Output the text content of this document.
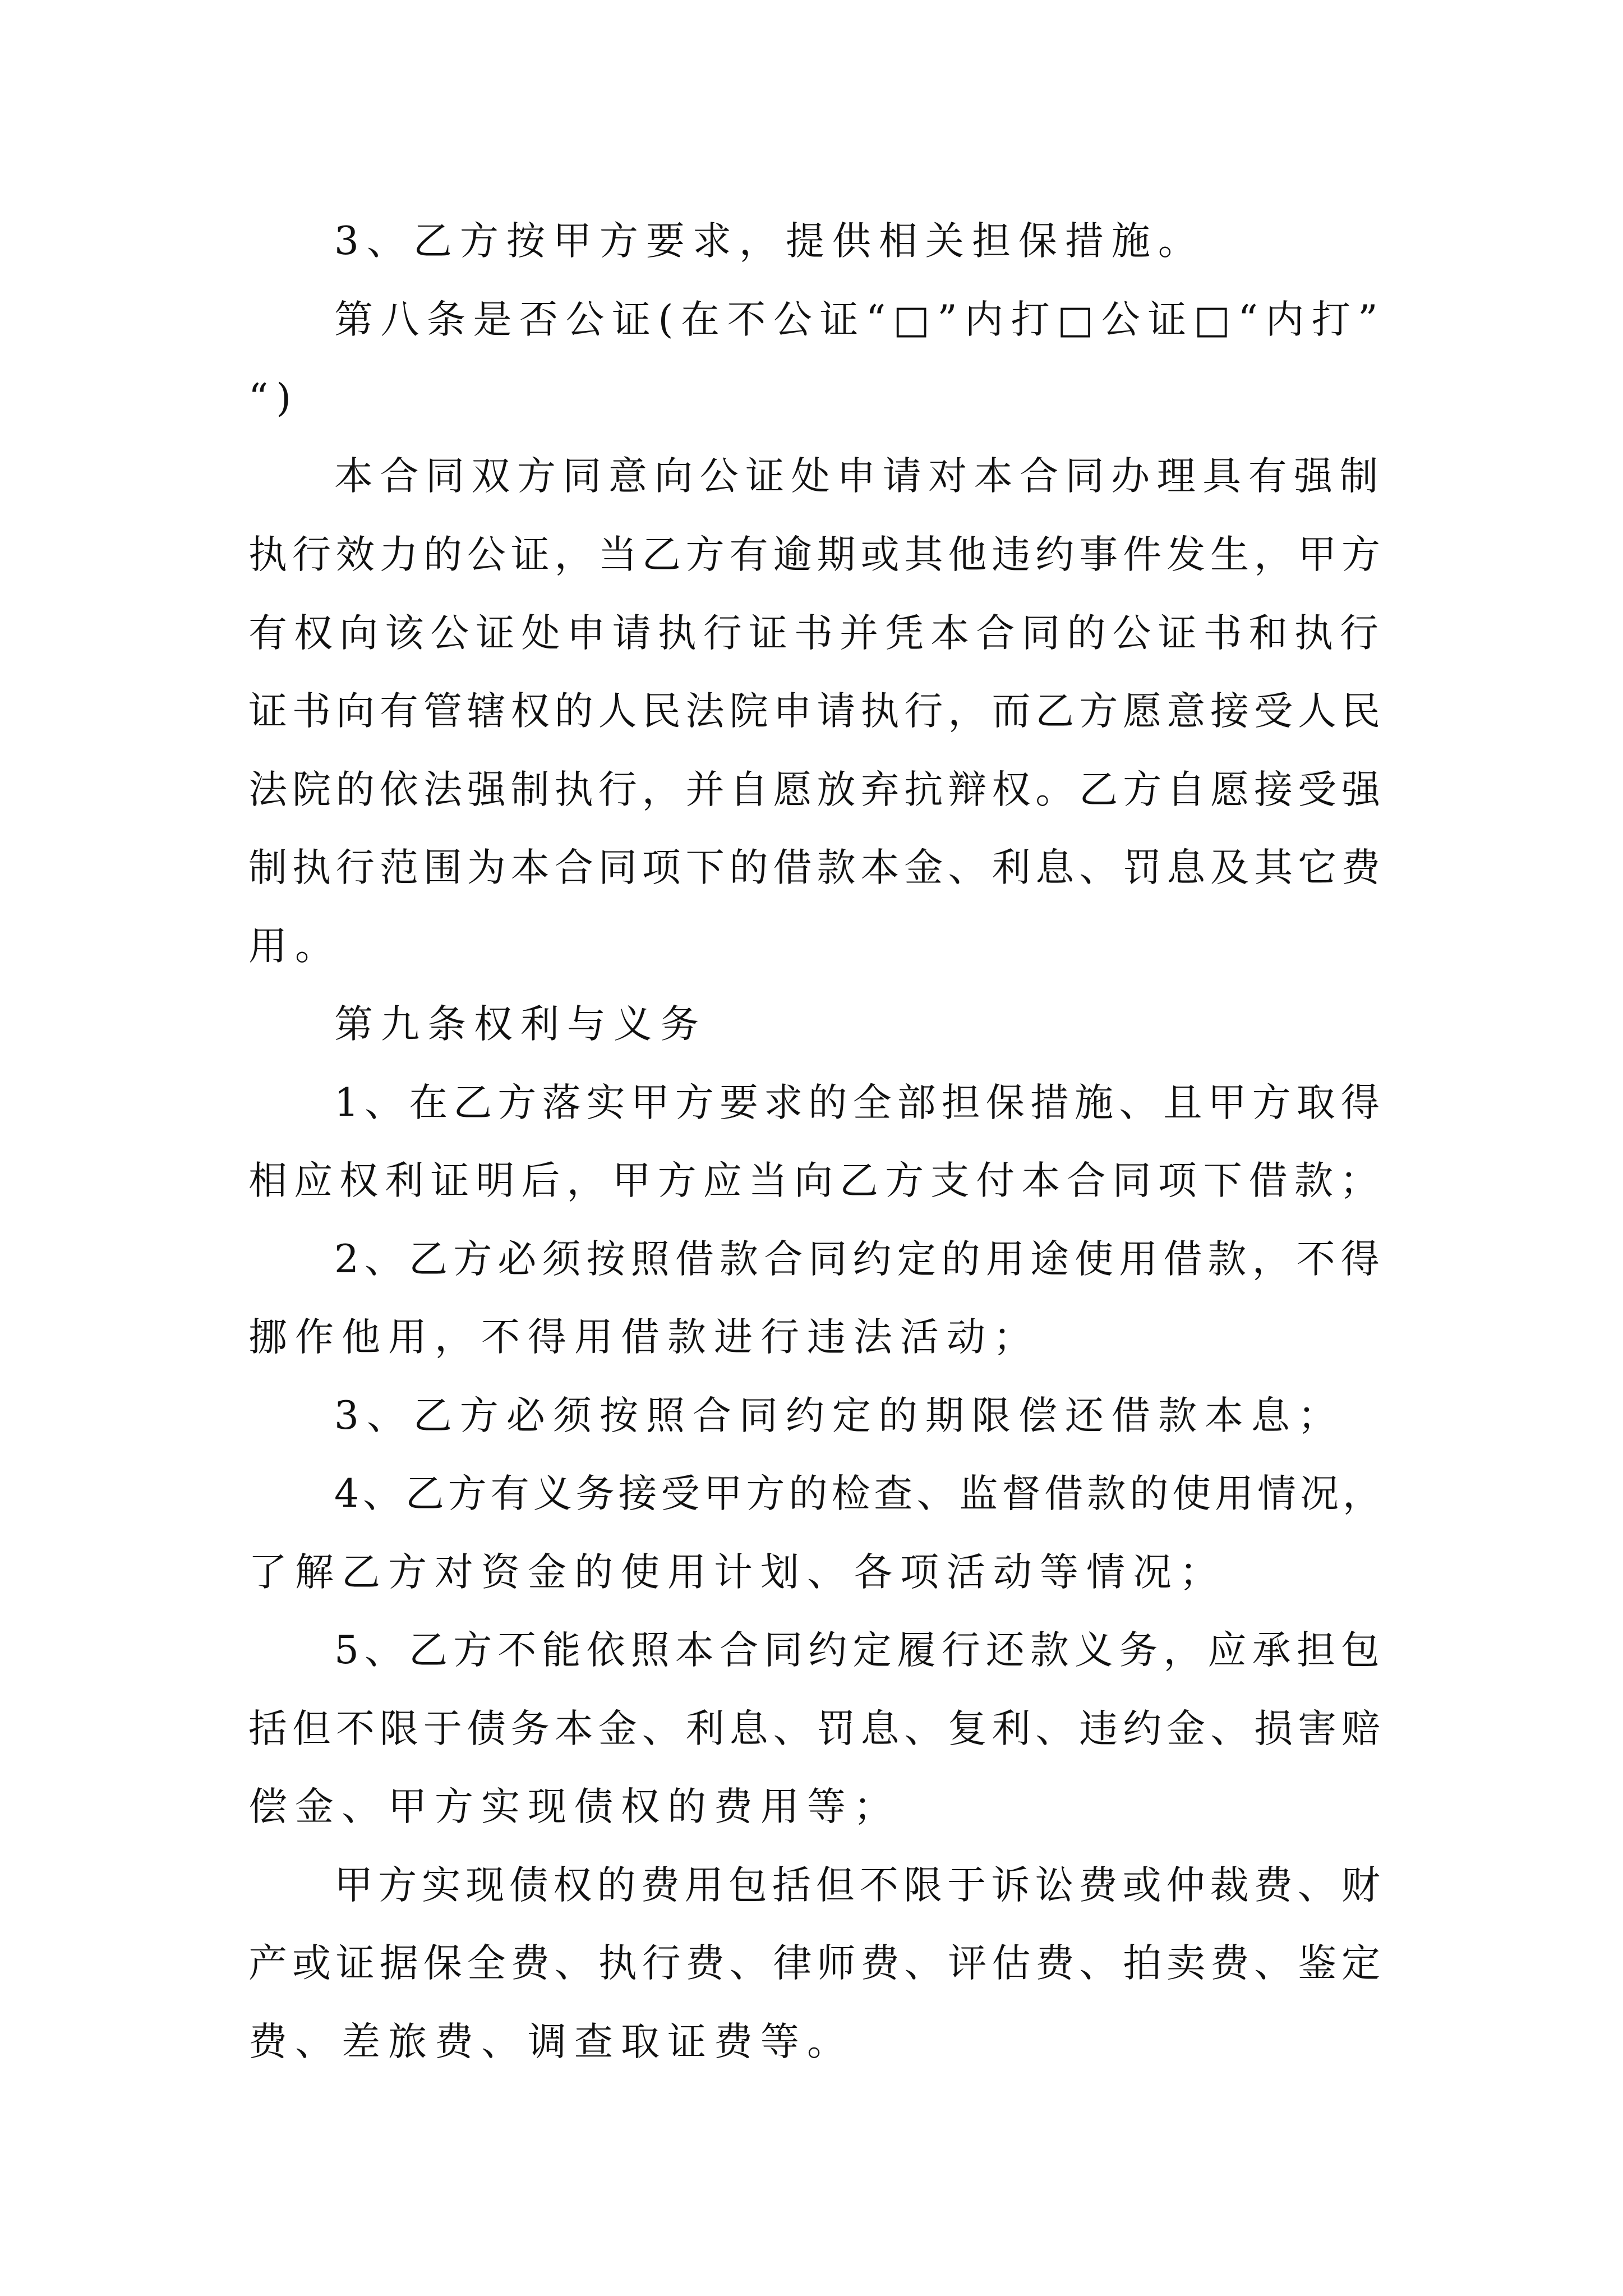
3、乙方按甲方要求，提供相关担保措施。

第八条是否公证(在不公证“□”内打□公证□“内打”

“)

本合同双方同意向公证处申请对本合同办理具有强制

执行效力的公证，当乙方有逾期或其他违约事件发生，甲方

有权向该公证处申请执行证书并凭本合同的公证书和执行

证书向有管辖权的人民法院申请执行，而乙方愿意接受人民

法院的依法强制执行，并自愿放弃抗辩权。乙方自愿接受强

制执行范围为本合同项下的借款本金、利息、罚息及其它费

用。

第九条权利与义务

1、在乙方落实甲方要求的全部担保措施、且甲方取得

相应权利证明后，甲方应当向乙方支付本合同项下借款；

2、乙方必须按照借款合同约定的用途使用借款，不得

挪作他用，不得用借款进行违法活动；

3、乙方必须按照合同约定的期限偿还借款本息；

4、乙方有义务接受甲方的检查、监督借款的使用情况，

了解乙方对资金的使用计划、各项活动等情况；

5、乙方不能依照本合同约定履行还款义务，应承担包

括但不限于债务本金、利息、罚息、复利、违约金、损害赔

偿金、甲方实现债权的费用等；

甲方实现债权的费用包括但不限于诉讼费或仲裁费、财

产或证据保全费、执行费、律师费、评估费、拍卖费、鉴定

费、差旅费、调查取证费等。
